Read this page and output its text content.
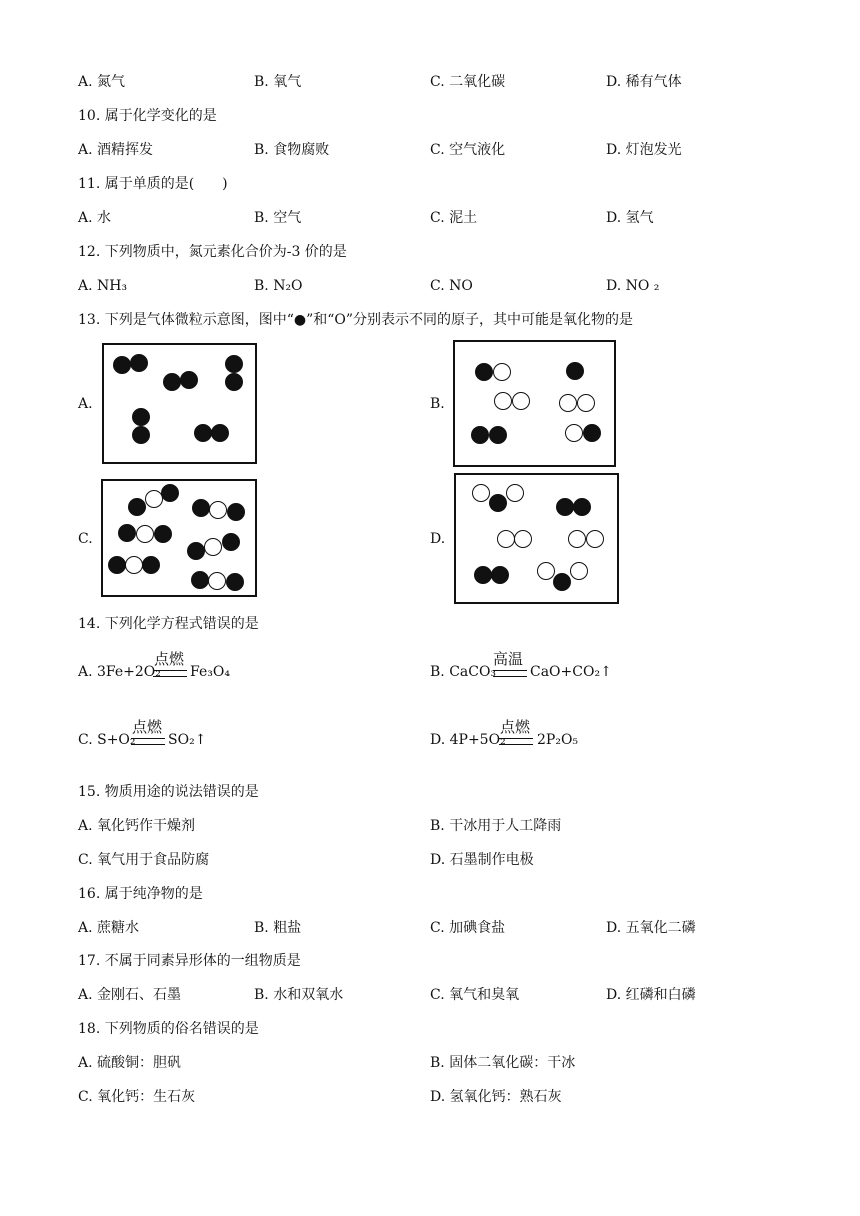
A. 氮气	B. 氧气	C. 二氧化碳	D. 稀有气体
10. 属于化学变化的是
A. 酒精挥发	B. 食物腐败	C. 空气液化	D. 灯泡发光
11. 属于单质的是(　　)
A. 水	B. 空气	C. 泥土	D. 氢气
12. 下列物质中，氮元素化合价为-3 价的是
A. NH₃	B. N₂O	C. NO	D. NO ₂
13. 下列是气体微粒示意图，图中“●”和“O”分别表示不同的原子，其中可能是氧化物的是
A.	B.
C.	D.
14. 下列化学方程式错误的是
A. 3Fe+2O₂
点燃
Fe₃O₄	B. CaCO₃
高温
CaO+CO₂↑
C. S+O₂
点燃
SO₂↑	D. 4P+5O₂
点燃
2P₂O₅
15. 物质用途的说法错误的是
A. 氧化钙作干燥剂	B. 干冰用于人工降雨
C. 氧气用于食品防腐	D. 石墨制作电极
16. 属于纯净物的是
A. 蔗糖水	B. 粗盐	C. 加碘食盐	D. 五氧化二磷
17. 不属于同素异形体的一组物质是
A. 金刚石、石墨	B. 水和双氧水	C. 氧气和臭氧	D. 红磷和白磷
18. 下列物质的俗名错误的是
A. 硫酸铜：胆矾	B. 固体二氧化碳：干冰
C. 氧化钙：生石灰	D. 氢氧化钙：熟石灰
